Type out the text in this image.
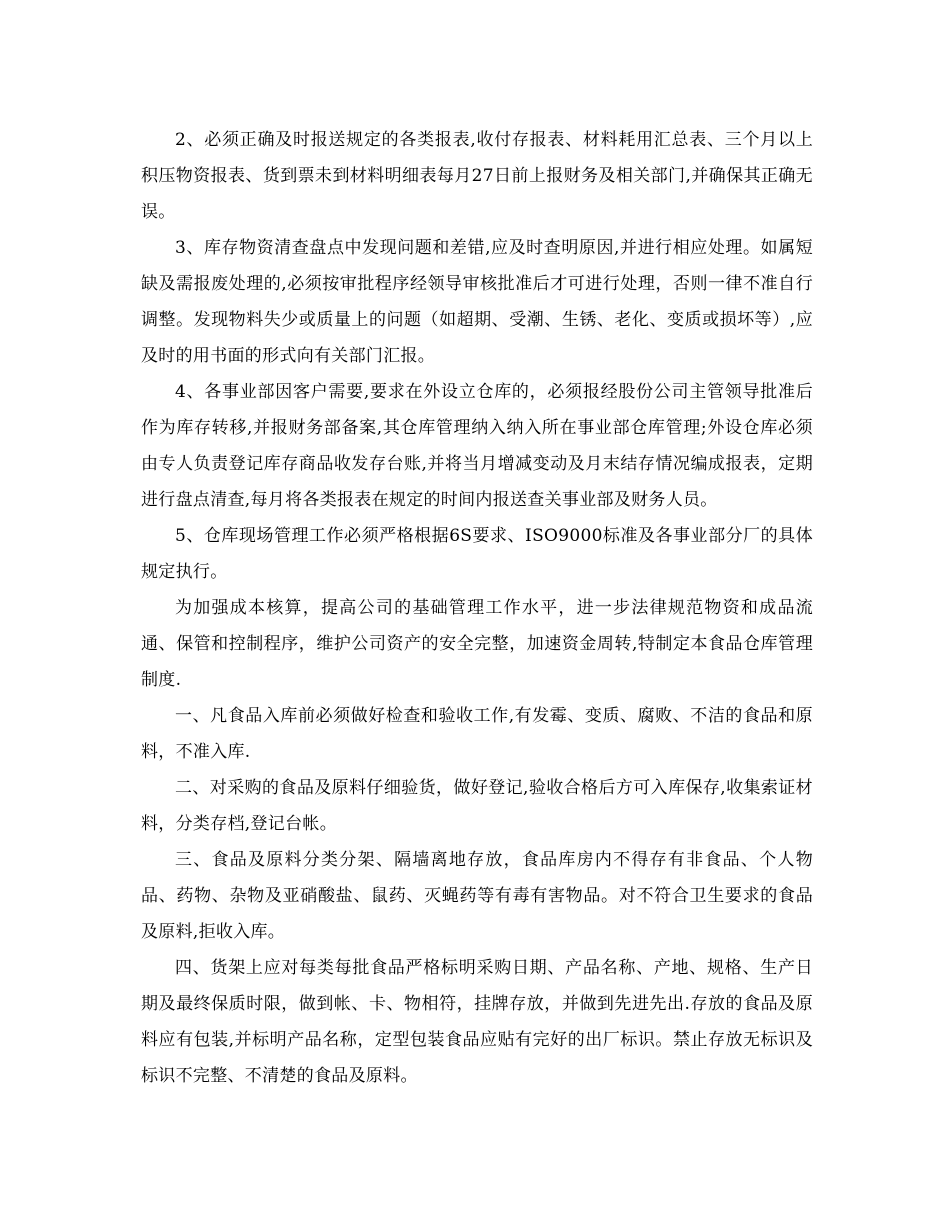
2、必须正确及时报送规定的各类报表,收付存报表、材料耗用汇总表、三个月以上积压物资报表、货到票未到材料明细表每月27日前上报财务及相关部门,并确保其正确无误。

3、库存物资清查盘点中发现问题和差错,应及时查明原因,并进行相应处理。如属短缺及需报废处理的,必须按审批程序经领导审核批准后才可进行处理，否则一律不准自行调整。发现物料失少或质量上的问题（如超期、受潮、生锈、老化、变质或损坏等）,应及时的用书面的形式向有关部门汇报。

4、各事业部因客户需要,要求在外设立仓库的，必须报经股份公司主管领导批准后作为库存转移,并报财务部备案,其仓库管理纳入纳入所在事业部仓库管理;外设仓库必须由专人负责登记库存商品收发存台账,并将当月增减变动及月末结存情况编成报表，定期进行盘点清查,每月将各类报表在规定的时间内报送查关事业部及财务人员。

5、仓库现场管理工作必须严格根据6S要求、ISO9000标准及各事业部分厂的具体规定执行。

为加强成本核算，提高公司的基础管理工作水平，进一步法律规范物资和成品流通、保管和控制程序，维护公司资产的安全完整，加速资金周转,特制定本食品仓库管理制度.

一、凡食品入库前必须做好检查和验收工作,有发霉、变质、腐败、不洁的食品和原料，不准入库.

二、对采购的食品及原料仔细验货，做好登记,验收合格后方可入库保存,收集索证材料，分类存档,登记台帐。

三、食品及原料分类分架、隔墙离地存放，食品库房内不得存有非食品、个人物品、药物、杂物及亚硝酸盐、鼠药、灭蝇药等有毒有害物品。对不符合卫生要求的食品及原料,拒收入库。

四、货架上应对每类每批食品严格标明采购日期、产品名称、产地、规格、生产日期及最终保质时限，做到帐、卡、物相符，挂牌存放，并做到先进先出.存放的食品及原料应有包装,并标明产品名称，定型包装食品应贴有完好的出厂标识。禁止存放无标识及标识不完整、不清楚的食品及原料。
